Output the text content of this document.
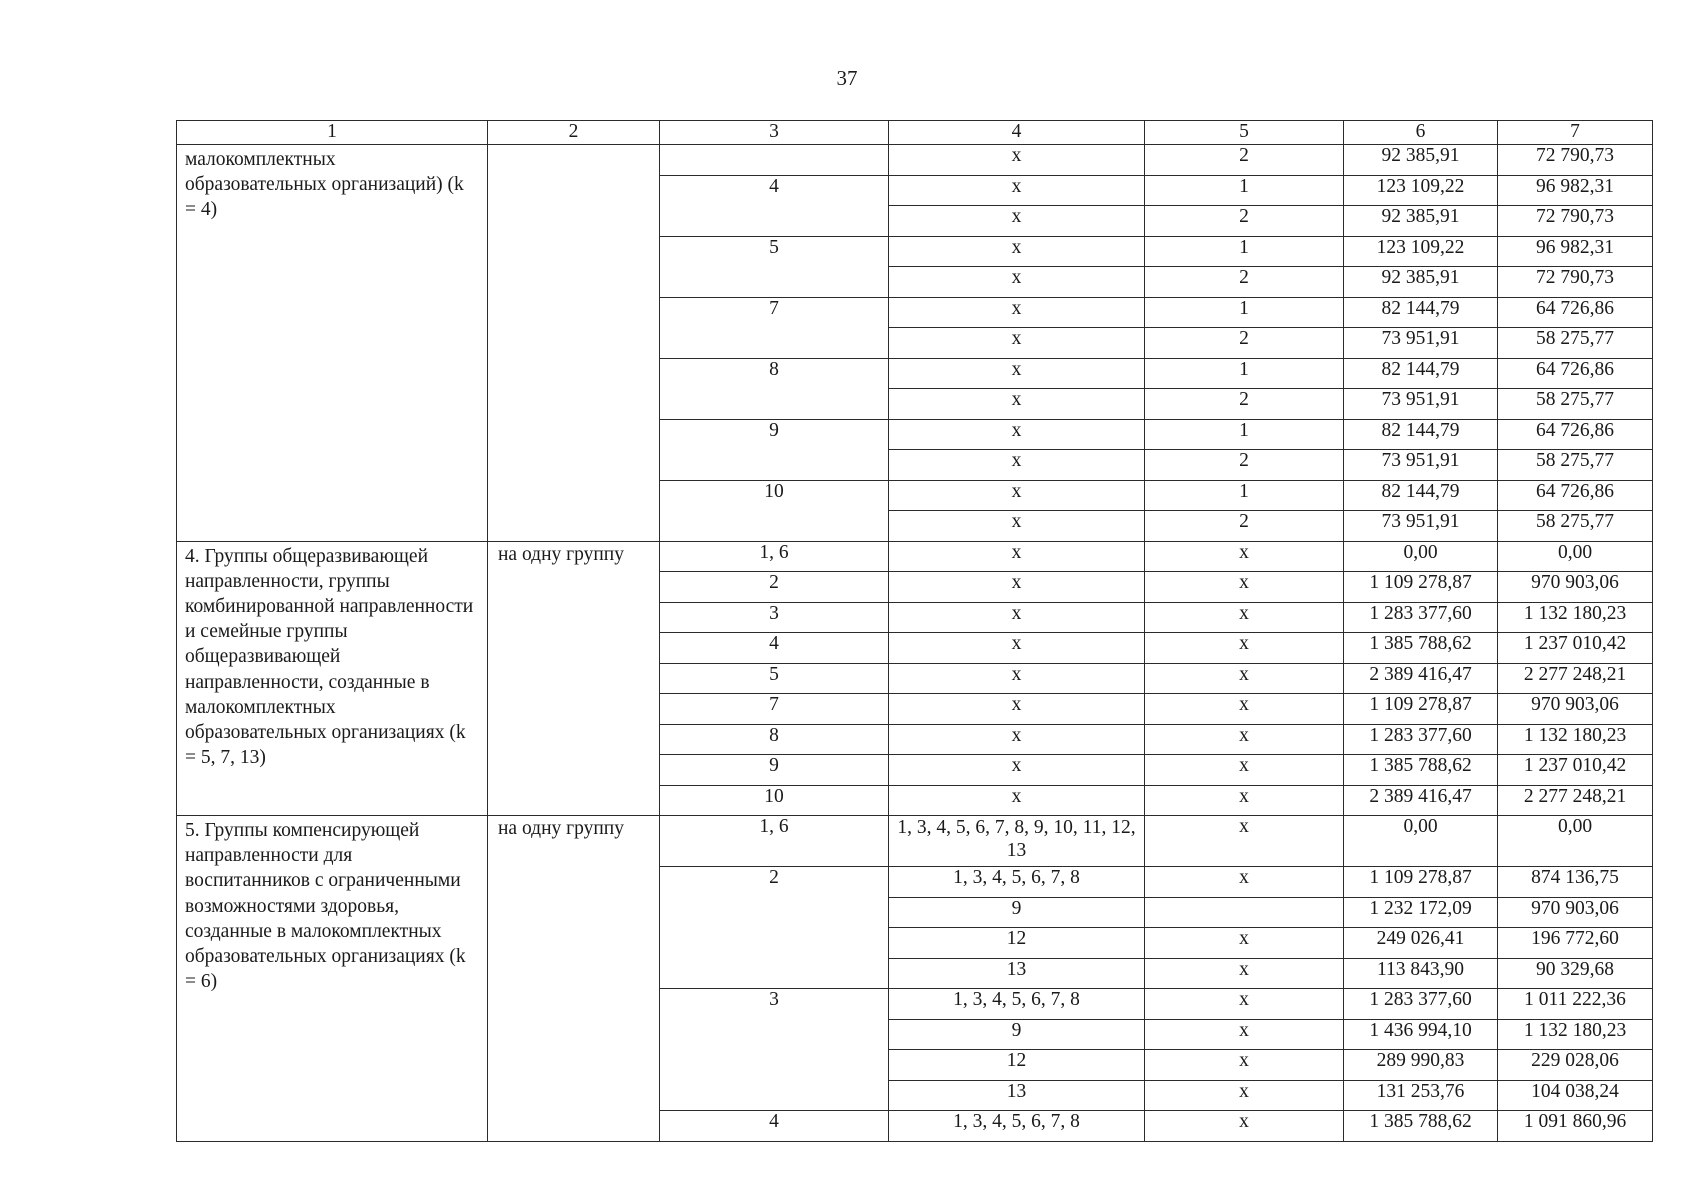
37
1	2	3	4	5	6	7
малокомплектных образовательных организаций) (k = 4)			х	2	92 385,91	72 790,73
		4	х	1	123 109,22	96 982,31
			х	2	92 385,91	72 790,73
		5	х	1	123 109,22	96 982,31
			х	2	92 385,91	72 790,73
		7	х	1	82 144,79	64 726,86
			х	2	73 951,91	58 275,77
		8	х	1	82 144,79	64 726,86
			х	2	73 951,91	58 275,77
		9	х	1	82 144,79	64 726,86
			х	2	73 951,91	58 275,77
		10	х	1	82 144,79	64 726,86
			х	2	73 951,91	58 275,77
4. Группы общеразвивающей направленности, группы комбинированной направленности и семейные группы общеразвивающей направленности, созданные в малокомплектных образовательных организациях (k = 5, 7, 13)	на одну группу	1, 6	х	х	0,00	0,00
		2	х	х	1 109 278,87	970 903,06
		3	х	х	1 283 377,60	1 132 180,23
		4	х	х	1 385 788,62	1 237 010,42
		5	х	х	2 389 416,47	2 277 248,21
		7	х	х	1 109 278,87	970 903,06
		8	х	х	1 283 377,60	1 132 180,23
		9	х	х	1 385 788,62	1 237 010,42
		10	х	х	2 389 416,47	2 277 248,21
5. Группы компенсирующей направленности для воспитанников с ограниченными возможностями здоровья, созданные в малокомплектных образовательных организациях (k = 6)	на одну группу	1, 6	1, 3, 4, 5, 6, 7, 8, 9, 10, 11, 12, 13	х	0,00	0,00
		2	1, 3, 4, 5, 6, 7, 8	х	1 109 278,87	874 136,75
			9		1 232 172,09	970 903,06
			12	х	249 026,41	196 772,60
			13	х	113 843,90	90 329,68
		3	1, 3, 4, 5, 6, 7, 8	х	1 283 377,60	1 011 222,36
			9	х	1 436 994,10	1 132 180,23
			12	х	289 990,83	229 028,06
			13	х	131 253,76	104 038,24
		4	1, 3, 4, 5, 6, 7, 8	х	1 385 788,62	1 091 860,96
